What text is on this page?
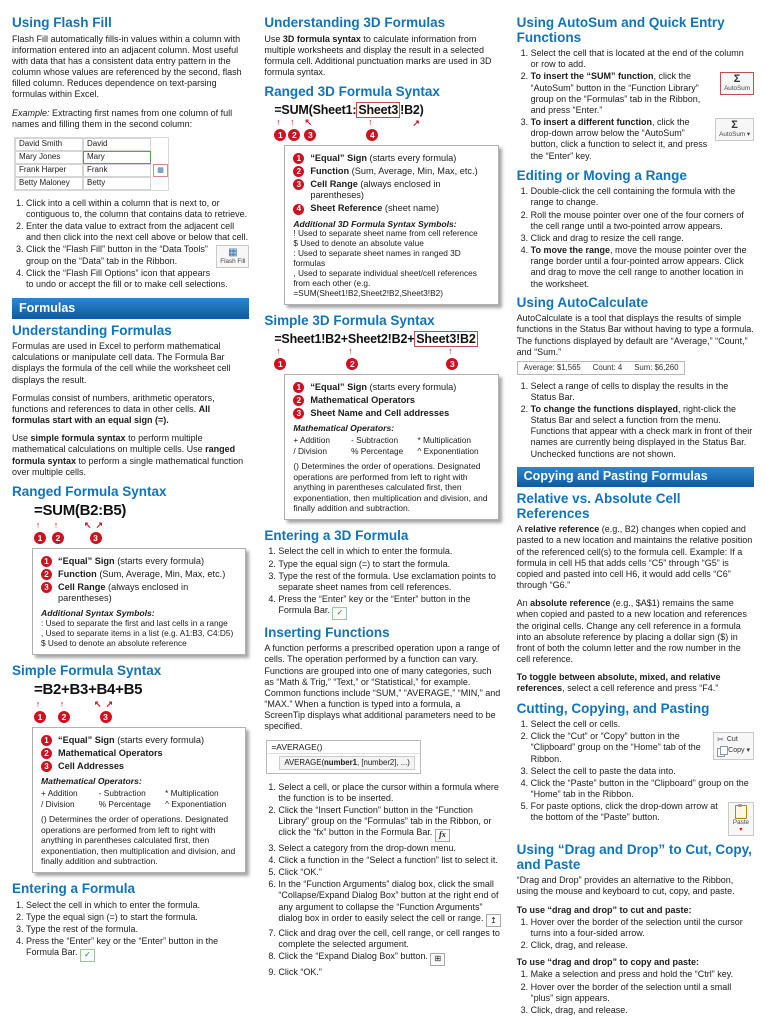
Using Flash Fill

Flash Fill automatically fills-in values within a column with information entered into an adjacent column. Most useful with data that has a consistent data entry pattern in the column whose values are referenced by the second, flash filled column. Reduces dependence on text-parsing formulas within Excel.

Example: Extracting first names from one column of full names and filling them in the second column:

David Smith	David
Mary Jones	Mary
Frank Harper	Frank	▦
Betty Maloney	Betty
1. Click into a cell within a column that is next to, or contiguous to, the column that contains data to retrieve.
2. Enter the data value to extract from the adjacent cell and then click into the next cell above or below that cell.
3. ▦
Flash Fill
Click the “Flash Fill” button in the “Data Tools” group on the “Data” tab in the Ribbon.
4. Click the “Flash Fill Options” icon that appears to undo or accept the fill or to make cell selections.
Formulas
Understanding Formulas

Formulas are used in Excel to perform mathematical calculations or manipulate cell data. The Formula Bar displays the formula of the cell while the worksheet cell displays the result.

Formulas consist of numbers, arithmetic operators, functions and references to data in other cells. All formulas start with an equal sign (=).

Use simple formula syntax to perform multiple mathematical calculations on multiple cells. Use ranged formula syntax to perform a single mathematical function over multiple cells.

Ranged Formula Syntax
=SUM(B2:B5)
↑
1
↑
2
↖↗
3
1	“Equal” Sign (starts every formula)
2	Function (Sum, Average, Min, Max, etc.)
3	Cell Range (always enclosed in parentheses)
Additional Syntax Symbols:
: Used to separate the first and last cells in a range
, Used to separate items in a list (e.g. A1:B3, C4:D5)
$ Used to denote an absolute reference
Simple Formula Syntax
=B2+B3+B4+B5
↑
1
↑
2
↖↗
3
1	“Equal” Sign (starts every formula)
2	Mathematical Operators
3	Cell Addresses
Mathematical Operators:
+ Addition	- Subtraction	* Multiplication
/ Division	% Percentage	^ Exponentiation
() Determines the order of operations. Designated operations are performed from left to right with anything in parentheses calculated first, then exponentiation, then multiplication and division, and finally addition and subtraction.
Entering a Formula
1. Select the cell in which to enter the formula.
2. Type the equal sign (=) to start the formula.
3. Type the rest of the formula.
4. Press the “Enter” key or the “Enter” button in the Formula Bar. ✓
Understanding 3D Formulas

Use 3D formula syntax to calculate information from multiple worksheets and display the result in a selected formula cell. Additional punctuation marks are used in 3D formula syntax.

Ranged 3D Formula Syntax
=SUM(Sheet1: Sheet3 !B2)
↑
1
↑
2
↖
3
↑
4
↗
1	“Equal” Sign (starts every formula)
2	Function (Sum, Average, Min, Max, etc.)
3	Cell Range (always enclosed in parentheses)
4	Sheet Reference (sheet name)
Additional 3D Formula Syntax Symbols:
! Used to separate sheet name from cell reference
$ Used to denote an absolute value
: Used to separate sheet names in ranged 3D formulas
, Used to separate individual sheet/cell references from each other (e.g. =SUM(Sheet1!B2,Sheet2!B2,Sheet3!B2)
Simple 3D Formula Syntax
=Sheet1!B2+Sheet2!B2+ Sheet3!B2
↑
1
↑
2
↑
3
1	“Equal” Sign (starts every formula)
2	Mathematical Operators
3	Sheet Name and Cell addresses
Mathematical Operators:
+ Addition	- Subtraction	* Multiplication
/ Division	% Percentage	^ Exponentiation
() Determines the order of operations. Designated operations are performed from left to right with anything in parentheses calculated first, then exponentiation, then multiplication and division, and finally addition and subtraction.
Entering a 3D Formula
1. Select the cell in which to enter the formula.
2. Type the equal sign (=) to start the formula.
3. Type the rest of the formula. Use exclamation points to separate sheet names from cell references.
4. Press the “Enter” key or the “Enter” button in the Formula Bar. ✓
Inserting Functions

A function performs a prescribed operation upon a range of cells. The operation performed by a function can vary. Functions are grouped into one of many categories, such as “Math & Trig,” “Text,” or “Statistical,” for example. Common functions include “SUM,” “AVERAGE,” “MIN,” and “MAX.” When a function is typed into a formula, a ScreenTip displays what additional parameters need to be specified.

=AVERAGE()
AVERAGE(number1, [number2], ...)
1. Select a cell, or place the cursor within a formula where the function is to be inserted.
2. Click the “Insert Function” button in the “Function Library” group on the “Formulas” tab in the Ribbon, or click the “fx” button in the Formula Bar. fx
3. Select a category from the drop-down menu.
4. Click a function in the “Select a function” list to select it.
5. Click “OK.”
6. In the “Function Arguments” dialog box, click the small “Collapse/Expand Dialog Box” button at the right end of any argument to collapse the “Function Arguments” dialog box in order to easily select the cell or range. ↥
7. Click and drag over the cell, cell range, or cell ranges to complete the selected argument.
8. Click the “Expand Dialog Box” button. ⊞
9. Click “OK.”
Using AutoSum and Quick Entry Functions
1. Select the cell that is located at the end of the column or row to add.
2. Σ
AutoSum
To insert the “SUM” function, click the “AutoSum” button in the “Function Library” group on the “Formulas” tab in the Ribbon, and press “Enter.”
3. Σ
AutoSum ▾
To insert a different function, click the drop-down arrow below the “AutoSum” button, click a function to select it, and press the “Enter” key.
Editing or Moving a Range
1. Double-click the cell containing the formula with the range to change.
2. Roll the mouse pointer over one of the four corners of the cell range until a two-pointed arrow appears.
3. Click and drag to resize the cell range.
4. To move the range, move the mouse pointer over the range border until a four-pointed arrow appears. Click and drag to move the cell range to another location in the worksheet.
Using AutoCalculate

AutoCalculate is a tool that displays the results of simple functions in the Status Bar without having to type a formula. The functions displayed by default are “Average,” “Count,” and “Sum.”

Average: $1,565 Count: 4 Sum: $6,260
1. Select a range of cells to display the results in the Status Bar.
2. To change the functions displayed, right-click the Status Bar and select a function from the menu. Functions that appear with a check mark in front of their names are currently being displayed in the Status Bar. Unchecked functions are not shown.
Copying and Pasting Formulas
Relative vs. Absolute Cell References

A relative reference (e.g., B2) changes when copied and pasted to a new location and maintains the relative position of the referenced cell(s) to the formula cell. Example: If a formula in cell H5 that adds cells “C5” through “G5” is copied and pasted into cell H6, it would add cells “C6” through “G6.”

An absolute reference (e.g., $A$1) remains the same when copied and pasted to a new location and references the original cells. Change any cell reference in a formula into an absolute reference by placing a dollar sign ($) in front of both the column letter and the row number in the cell reference.

To toggle between absolute, mixed, and relative references, select a cell reference and press “F4.”

Cutting, Copying, and Pasting
1. Select the cell or cells.
2. ✂ Cut
Copy ▾
Click the “Cut” or “Copy” button in the “Clipboard” group on the “Home” tab of the Ribbon.
3. Select the cell to paste the data into.
4. Click the “Paste” button in the “Clipboard” group on the “Home” tab in the Ribbon.
5. Paste
▾
For paste options, click the drop-down arrow at the bottom of the “Paste” button.
Using “Drag and Drop” to Cut, Copy, and Paste

“Drag and Drop” provides an alternative to the Ribbon, using the mouse and keyboard to cut, copy, and paste.

To use “drag and drop” to cut and paste:
1. Hover over the border of the selection until the cursor turns into a four-sided arrow.
2. Click, drag, and release.
To use “drag and drop” to copy and paste:
1. Make a selection and press and hold the “Ctrl” key.
2. Hover over the border of the selection until a small “plus” sign appears.
3. Click, drag, and release.
